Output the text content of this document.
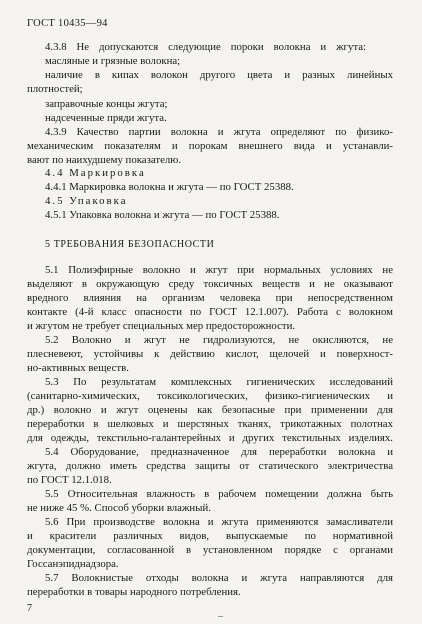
ГОСТ 10435—94
4.3.8 Не допускаются следующие пороки волокна и жгута:
масляные и грязные волокна;
наличие в кипах волокон другого цвета и разных линейных
плотностей;
заправочные концы жгута;
надсеченные пряди жгута.
4.3.9 Качество партии волокна и жгута определяют по физико-
механическим показателям и порокам внешнего вида и устанавли-
вают по наихудшему показателю.
4.4 Маркировка
4.4.1 Маркировка волокна и жгута — по ГОСТ 25388.
4.5 Упаковка
4.5.1 Упаковка волокна и жгута — по ГОСТ 25388.
5 ТРЕБОВАНИЯ БЕЗОПАСНОСТИ
5.1 Полиэфирные волокно и жгут при нормальных условиях не
выделяют в окружающую среду токсичных веществ и не оказывают
вредного влияния на организм человека при непосредственном
контакте (4-й класс опасности по ГОСТ 12.1.007). Работа с волокном
и жгутом не требует специальных мер предосторожности.
5.2 Волокно и жгут не гидролизуются, не окисляются, не
плесневеют, устойчивы к действию кислот, щелочей и поверхност-
но-активных веществ.
5.3 По результатам комплексных гигиенических исследований
(санитарно-химических, токсикологических, физико-гигиенических и
др.) волокно и жгут оценены как безопасные при применении для
переработки в шелковых и шерстяных тканях, трикотажных полотнах
для одежды, текстильно-галантерейных и других текстильных изделиях.
5.4 Оборудование, предназначенное для переработки волокна и
жгута, должно иметь средства защиты от статического электричества
по ГОСТ 12.1.018.
5.5 Относительная влажность в рабочем помещении должна быть
не ниже 45 %. Способ уборки влажный.
5.6 При производстве волокна и жгута применяются замасливатели
и красители различных видов, выпускаемые по нормативной
документации, согласованной в установленном порядке с органами
Госсанэпиднадзора.
5.7 Волокнистые отходы волокна и жгута направляются для
переработки в товары народного потребления.
7
